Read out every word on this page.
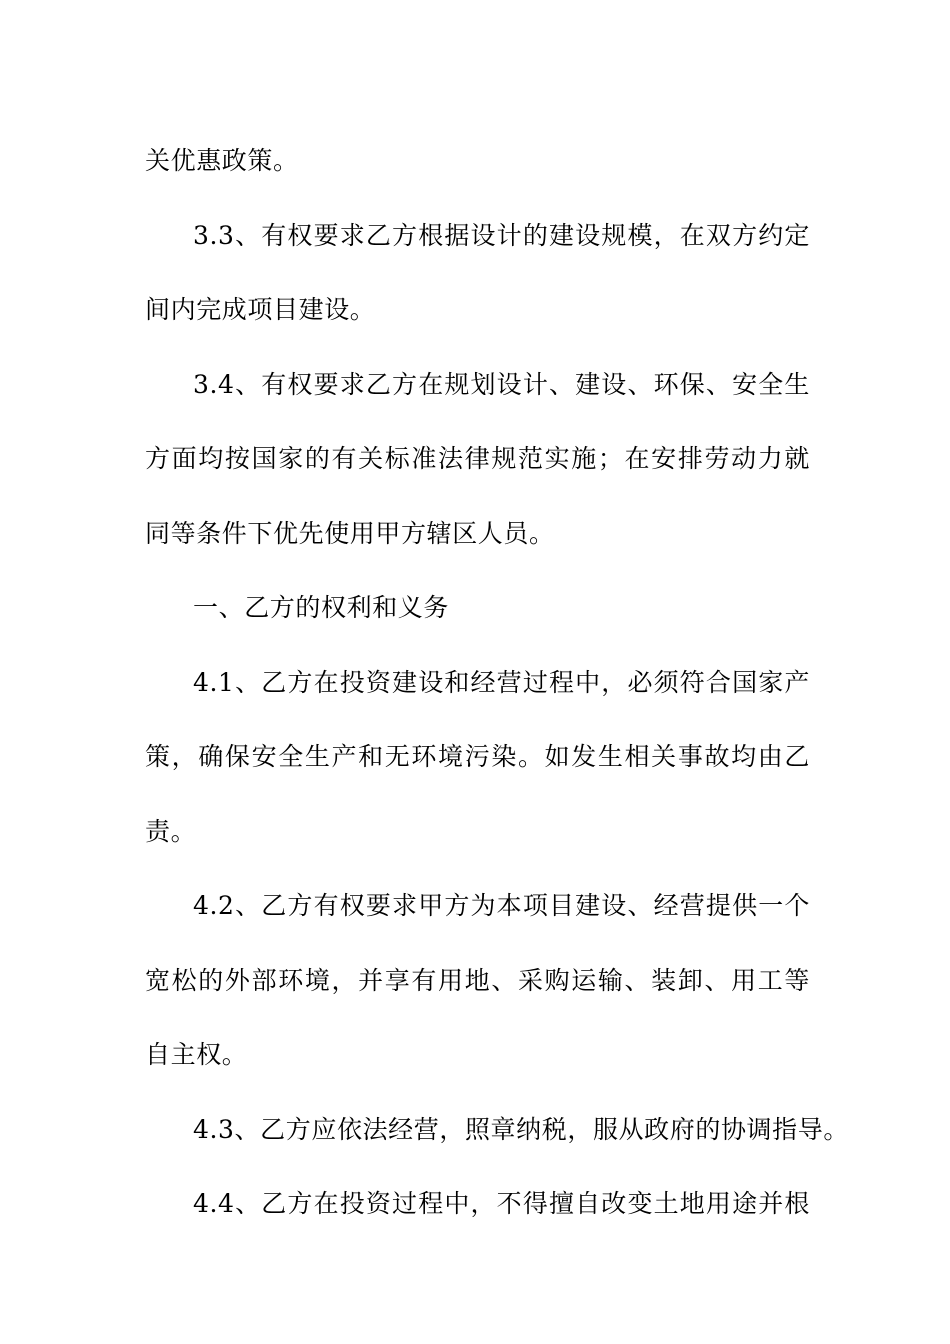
关优惠政策。
3.3、有权要求乙方根据设计的建设规模，在双方约定
间内完成项目建设。
3.4、有权要求乙方在规划设计、建设、环保、安全生
方面均按国家的有关标准法律规范实施；在安排劳动力就
同等条件下优先使用甲方辖区人员。
一、乙方的权利和义务
4.1、乙方在投资建设和经营过程中，必须符合国家产
策，确保安全生产和无环境污染。如发生相关事故均由乙
责。
4.2、乙方有权要求甲方为本项目建设、经营提供一个
宽松的外部环境，并享有用地、采购运输、装卸、用工等
自主权。
4.3、乙方应依法经营，照章纳税，服从政府的协调指导。
4.4、乙方在投资过程中，不得擅自改变土地用途并根
